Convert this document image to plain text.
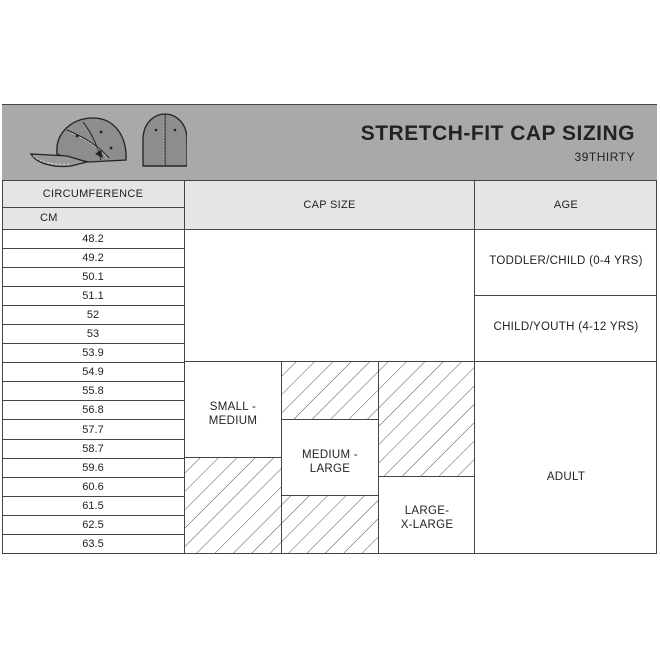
STRETCH-FIT CAP SIZING
39THIRTY
CIRCUMFERENCE
CM
CAP SIZE	AGE
48.2
49.2
50.1
51.1
52
53
53.9
54.9
55.8
56.8
57.7
58.7
59.6
60.6
61.5
62.5
63.5
SMALL -
MEDIUM
MEDIUM -
LARGE
LARGE-
X-LARGE
TODDLER/CHILD (0-4 YRS)
CHILD/YOUTH (4-12 YRS)
ADULT
